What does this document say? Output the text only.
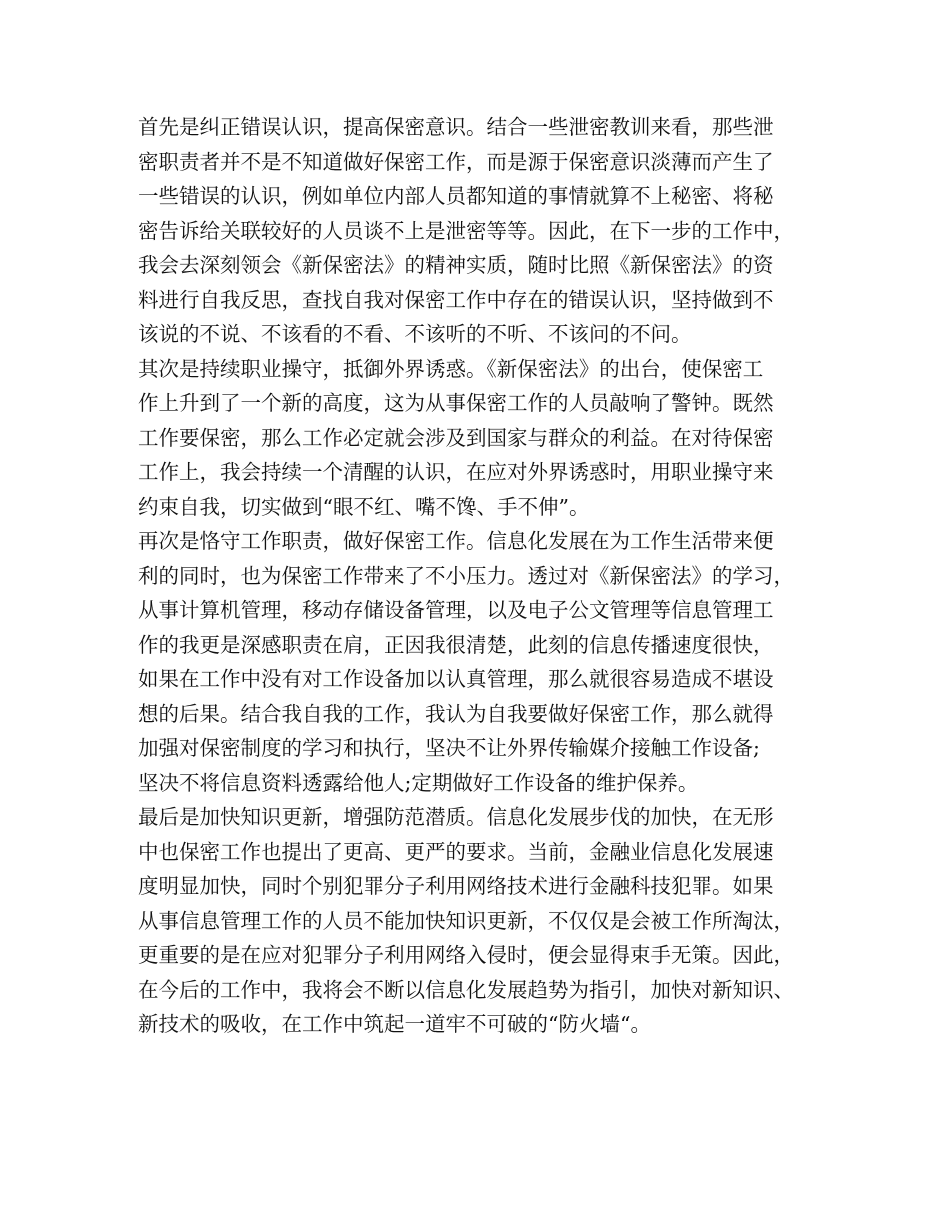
首先是纠正错误认识，提高保密意识。结合一些泄密教训来看，那些泄
密职责者并不是不知道做好保密工作，而是源于保密意识淡薄而产生了
一些错误的认识，例如单位内部人员都知道的事情就算不上秘密、将秘
密告诉给关联较好的人员谈不上是泄密等等。因此，在下一步的工作中，
我会去深刻领会《新保密法》的精神实质，随时比照《新保密法》的资
料进行自我反思，查找自我对保密工作中存在的错误认识，坚持做到不
该说的不说、不该看的不看、不该听的不听、不该问的不问。
其次是持续职业操守，抵御外界诱惑。《新保密法》的出台，使保密工
作上升到了一个新的高度，这为从事保密工作的人员敲响了警钟。既然
工作要保密，那么工作必定就会涉及到国家与群众的利益。在对待保密
工作上，我会持续一个清醒的认识，在应对外界诱惑时，用职业操守来
约束自我，切实做到“眼不红、嘴不馋、手不伸”。
再次是恪守工作职责，做好保密工作。信息化发展在为工作生活带来便
利的同时，也为保密工作带来了不小压力。透过对《新保密法》的学习，
从事计算机管理，移动存储设备管理，以及电子公文管理等信息管理工
作的我更是深感职责在肩，正因我很清楚，此刻的信息传播速度很快，
如果在工作中没有对工作设备加以认真管理，那么就很容易造成不堪设
想的后果。结合我自我的工作，我认为自我要做好保密工作，那么就得
加强对保密制度的学习和执行，坚决不让外界传输媒介接触工作设备;
坚决不将信息资料透露给他人;定期做好工作设备的维护保养。
最后是加快知识更新，增强防范潜质。信息化发展步伐的加快，在无形
中也保密工作也提出了更高、更严的要求。当前，金融业信息化发展速
度明显加快，同时个别犯罪分子利用网络技术进行金融科技犯罪。如果
从事信息管理工作的人员不能加快知识更新，不仅仅是会被工作所淘汰，
更重要的是在应对犯罪分子利用网络入侵时，便会显得束手无策。因此，
在今后的工作中，我将会不断以信息化发展趋势为指引，加快对新知识、
新技术的吸收，在工作中筑起一道牢不可破的“防火墙“。
